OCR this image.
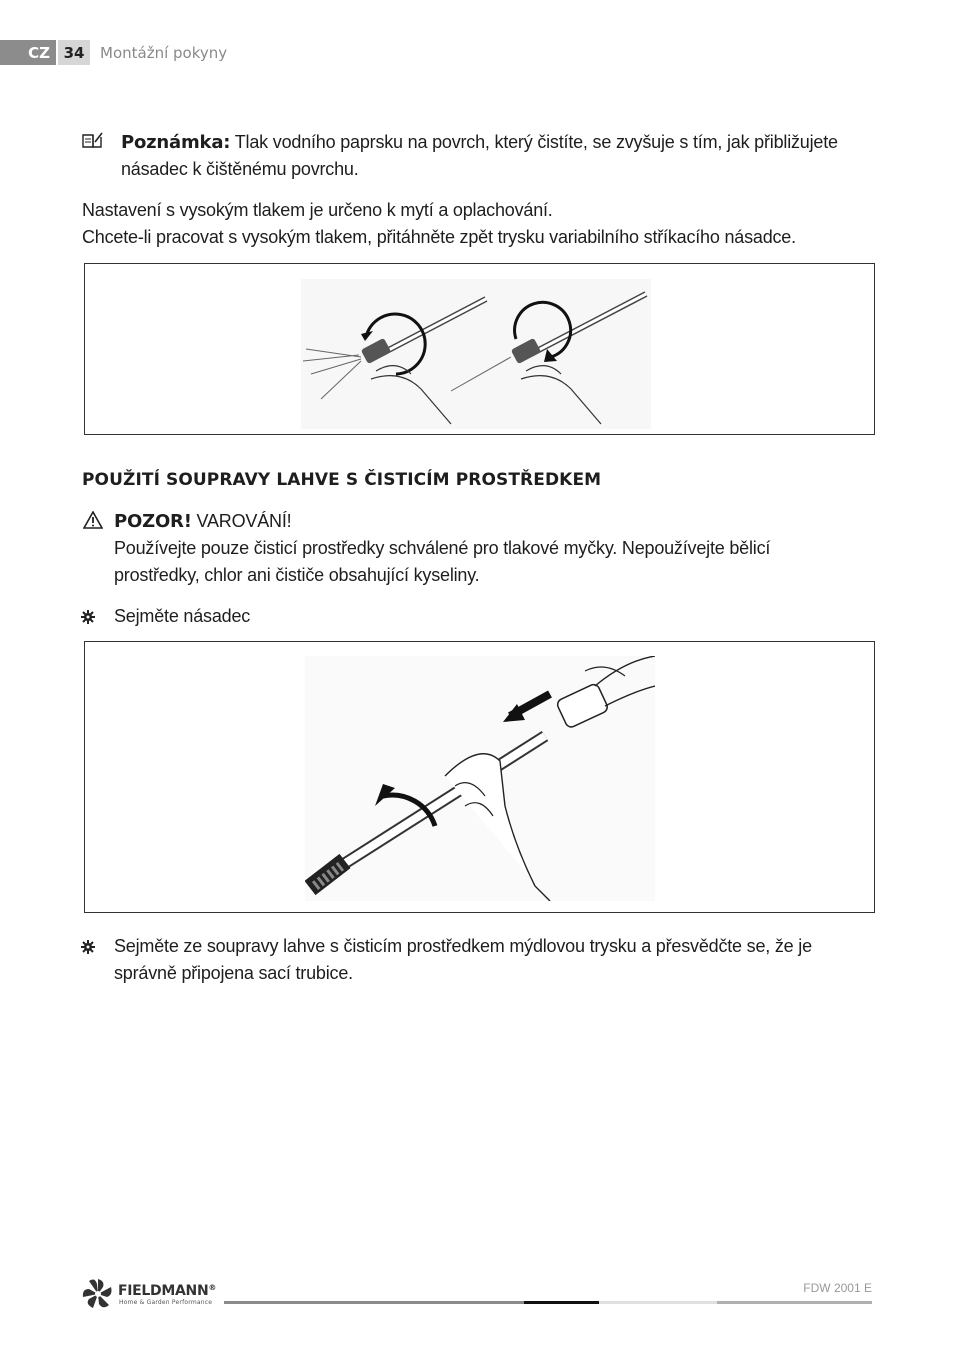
CZ 34	Montážní pokyny
Poznámka: Tlak vodního paprsku na povrch, který čistíte, se zvyšuje s tím, jak přibližujete
násadec k čištěnému povrchu.
Nastavení s vysokým tlakem je určeno k mytí a oplachování.
Chcete-li pracovat s vysokým tlakem, přitáhněte zpět trysku variabilního stříkacího násadce.
POUŽITÍ SOUPRAVY LAHVE S ČISTICÍM PROSTŘEDKEM
POZOR! VAROVÁNÍ!
Používejte pouze čisticí prostředky schválené pro tlakové myčky. Nepoužívejte bělicí
prostředky, chlor ani čističe obsahující kyseliny.
Sejměte násadec
Sejměte ze soupravy lahve s čisticím prostředkem mýdlovou trysku a přesvědčte se, že je
správně připojena sací trubice.
FIELDMANN®
Home & Garden Performance
FDW 2001 E
